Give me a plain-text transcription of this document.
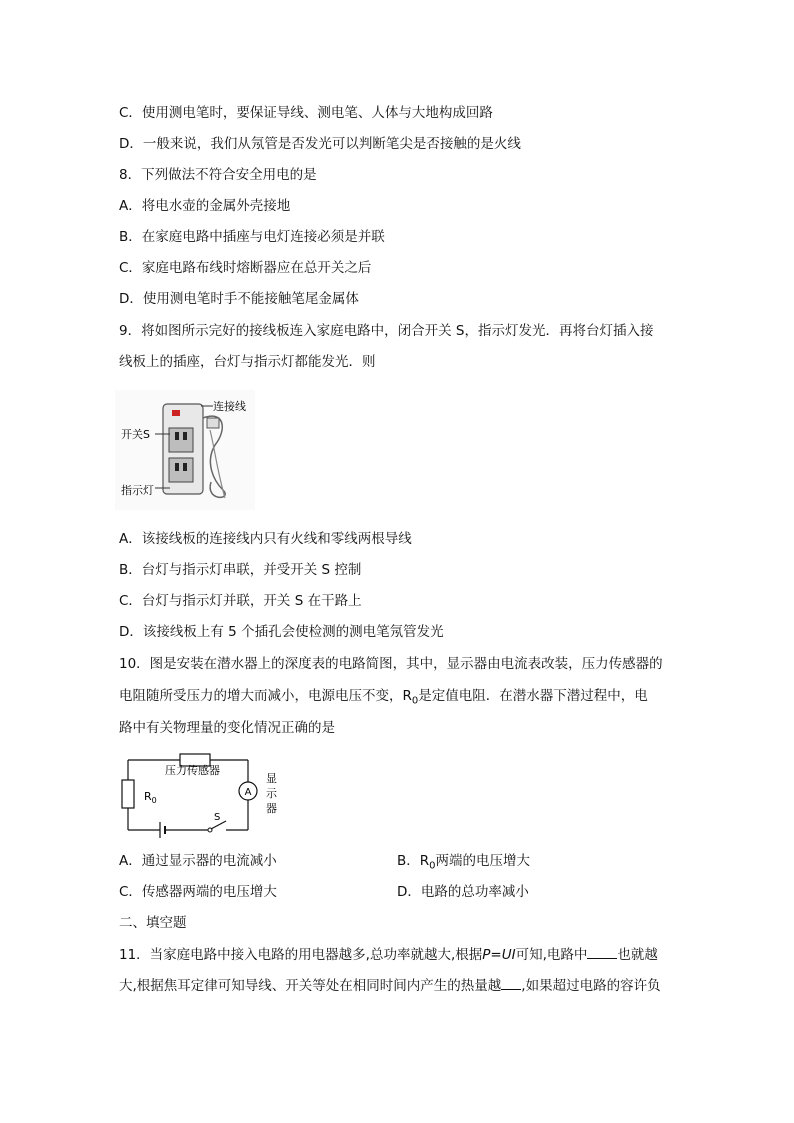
C．使用测电笔时，要保证导线、测电笔、人体与大地构成回路
D．一般来说，我们从氖管是否发光可以判断笔尖是否接触的是火线
8．下列做法不符合安全用电的是
A．将电水壶的金属外壳接地
B．在家庭电路中插座与电灯连接必须是并联
C．家庭电路布线时熔断器应在总开关之后
D．使用测电笔时手不能接触笔尾金属体
9．将如图所示完好的接线板连入家庭电路中，闭合开关 S，指示灯发光．再将台灯插入接
线板上的插座，台灯与指示灯都能发光．则
连接线
开关S
指示灯
A．该接线板的连接线内只有火线和零线两根导线
B．台灯与指示灯串联，并受开关 S 控制
C．台灯与指示灯并联，开关 S 在干路上
D．该接线板上有 5 个插孔会使检测的测电笔氖管发光
10．图是安装在潜水器上的深度表的电路简图，其中，显示器由电流表改装，压力传感器的
电阻随所受压力的增大而减小，电源电压不变，$R_0$是定值电阻．在潜水器下潜过程中，电
路中有关物理量的变化情况正确的是
A
压力传感器
$R_0$
S
显
示
器
A．通过显示器的电流减小	B．$R_0$两端的电压增大
C．传感器两端的电压增大	D．电路的总功率减小
二、填空题
11．当家庭电路中接入电路的用电器越多,总功率就越大,根据P=UI可知,电路中 也就越
大,根据焦耳定律可知导线、开关等处在相同时间内产生的热量越 ,如果超过电路的容许负
